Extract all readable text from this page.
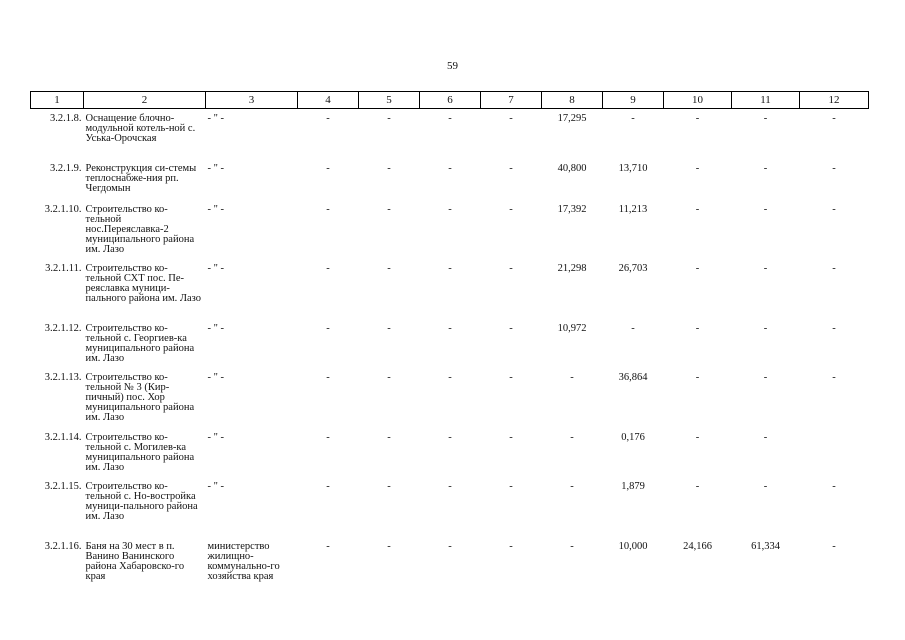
59
1	2	3	4	5	6	7	8	9	10	11	12
3.2.1.8.	Оснащение блочно-модульной котель-ной с. Уська-Орочская	- " -	-	-	-	-	17,295	-	-	-	-
3.2.1.9.	Реконструкция си-стемы теплоснабже-ния рп. Чегдомын	- " -	-	-	-	-	40,800	13,710	-	-	-
3.2.1.10.	Строительство ко-тельной нос.Переяславка-2 муниципального района им. Лазо	- " -	-	-	-	-	17,392	11,213	-	-	-
3.2.1.11.	Строительство ко-тельной СХТ пос. Пе-реяславка муници-пального района им. Лазо	- " -	-	-	-	-	21,298	26,703	-	-	-
3.2.1.12.	Строительство ко-тельной с. Георгиев-ка муниципального района им. Лазо	- " -	-	-	-	-	10,972	-	-	-	-
3.2.1.13.	Строительство ко-тельной № 3 (Кир-пичный) пос. Хор муниципального района им. Лазо	- " -	-	-	-	-	-	36,864	-	-	-
3.2.1.14.	Строительство ко-тельной с. Могилев-ка муниципального района им. Лазо	- " -	-	-	-	-	-	0,176	-	-	
3.2.1.15.	Строительство ко-тельной с. Но-востройка муници-пального района им. Лазо	- " -	-	-	-	-	-	1,879	-	-	-
3.2.1.16.	Баня на 30 мест в п. Ванино Ванинского района Хабаровско-го края	министерство жилищно-коммунально-го хозяйства края	-	-	-	-	-	10,000	24,166	61,334	-
